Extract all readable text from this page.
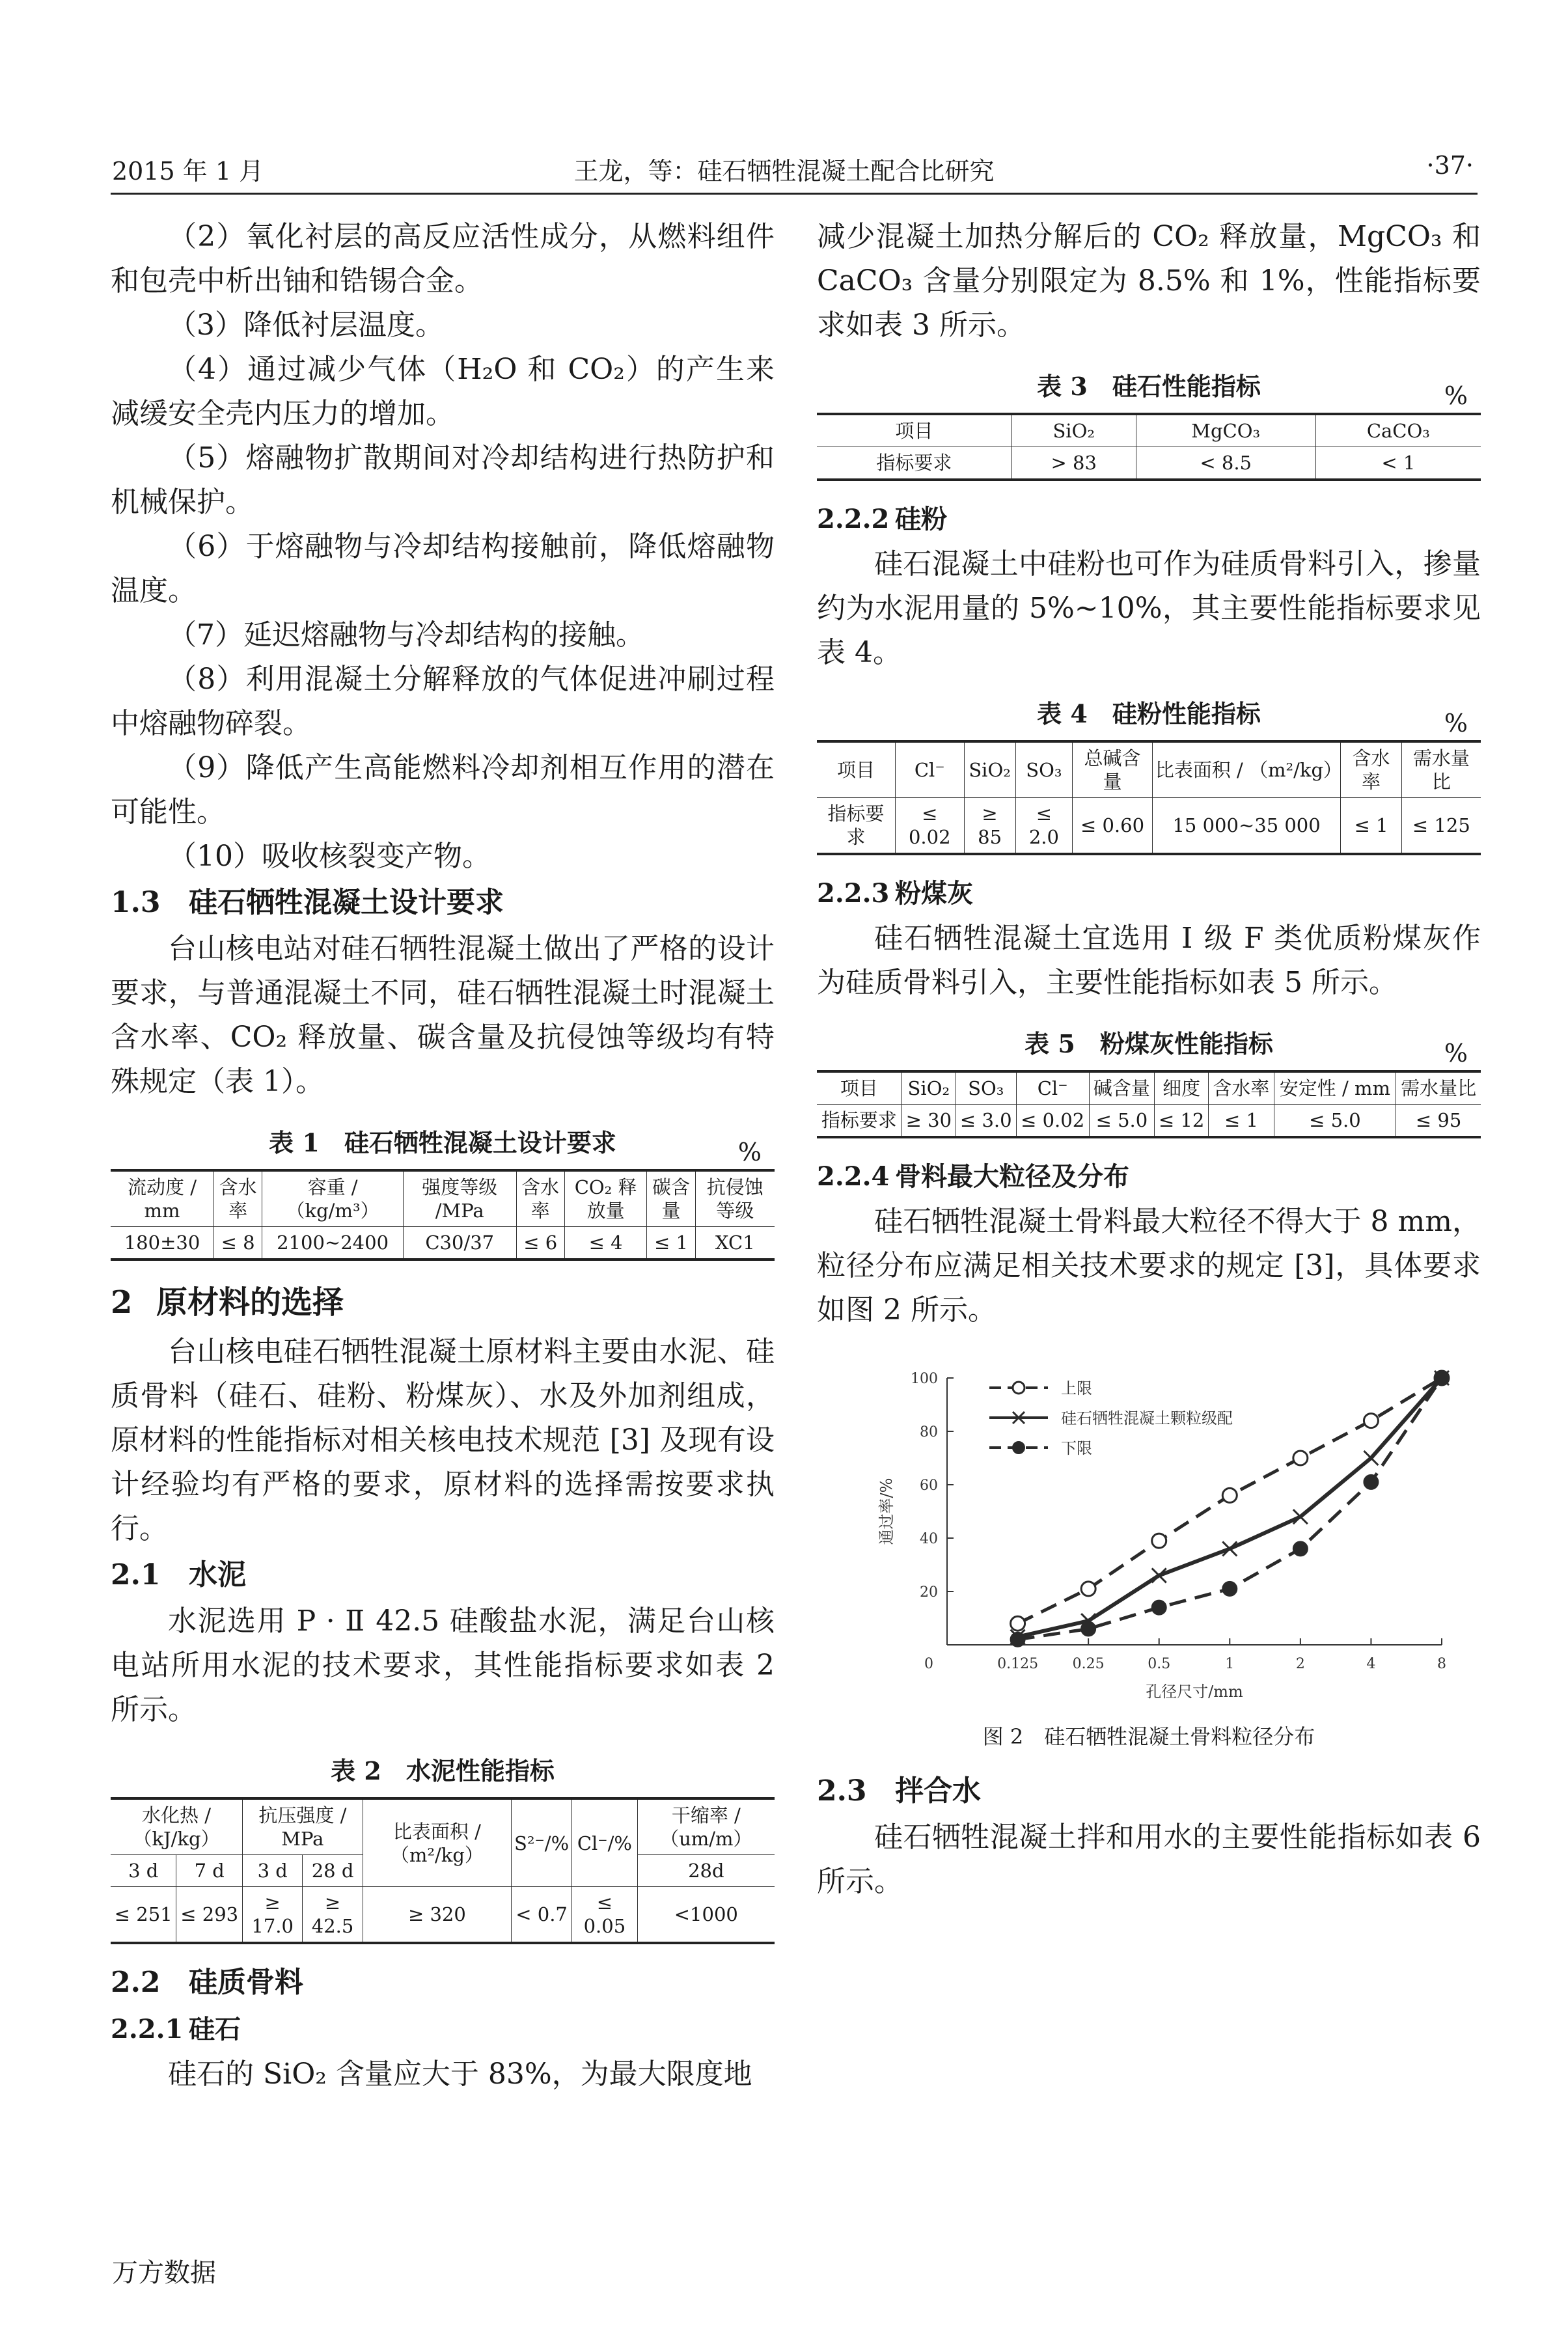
2015 年 1 月	王龙，等：硅石牺牲混凝土配合比研究	·37·

（2）氧化衬层的高反应活性成分，从燃料组件和包壳中析出铀和锆锡合金。

（3）降低衬层温度。

（4）通过减少气体（H₂O 和 CO₂）的产生来减缓安全壳内压力的增加。

（5）熔融物扩散期间对冷却结构进行热防护和机械保护。

（6）于熔融物与冷却结构接触前，降低熔融物温度。

（7）延迟熔融物与冷却结构的接触。

（8）利用混凝土分解释放的气体促进冲刷过程中熔融物碎裂。

（9）降低产生高能燃料冷却剂相互作用的潜在可能性。

（10）吸收核裂变产物。

1.3 硅石牺牲混凝土设计要求

台山核电站对硅石牺牲混凝土做出了严格的设计要求，与普通混凝土不同，硅石牺牲混凝土时混凝土含水率、CO₂ 释放量、碳含量及抗侵蚀等级均有特殊规定（表 1）。

表 1　硅石牺牲混凝土设计要求	%
流动度 / mm	含水率	容重 / （kg/m³）	强度等级 /MPa	含水率	CO₂ 释放量	碳含量	抗侵蚀等级
180±30	≤ 8	2100~2400	C30/37	≤ 6	≤ 4	≤ 1	XC1
2 原材料的选择

台山核电硅石牺牲混凝土原材料主要由水泥、硅质骨料（硅石、硅粉、粉煤灰）、水及外加剂组成，原材料的性能指标对相关核电技术规范 [3] 及现有设计经验均有严格的要求，原材料的选择需按要求执行。

2.1 水泥

水泥选用 P · Ⅱ 42.5 硅酸盐水泥，满足台山核电站所用水泥的技术要求，其性能指标要求如表 2 所示。

表 2　水泥性能指标
水化热 / （kJ/kg）		抗压强度 / MPa		比表面积 / （m²/kg）	S²⁻/%	Cl⁻/%	干缩率 / （um/m）
3 d	7 d	3 d	28 d				28d
≤ 251	≤ 293	≥ 17.0	≥ 42.5	≥ 320	< 0.7	≤ 0.05	<1000
2.2 硅质骨料
2.2.1 硅石

硅石的 SiO₂ 含量应大于 83%，为最大限度地

减少混凝土加热分解后的 CO₂ 释放量，MgCO₃ 和 CaCO₃ 含量分别限定为 8.5% 和 1%，性能指标要求如表 3 所示。

表 3　硅石性能指标	%
项目	SiO₂	MgCO₃	CaCO₃
指标要求	> 83	< 8.5	< 1
2.2.2 硅粉

硅石混凝土中硅粉也可作为硅质骨料引入，掺量约为水泥用量的 5%~10%，其主要性能指标要求见表 4。

表 4　硅粉性能指标	%
项目	Cl⁻	SiO₂	SO₃	总碱含量	比表面积 / （m²/kg）	含水率	需水量比
指标要求	≤ 0.02	≥ 85	≤ 2.0	≤ 0.60	15 000~35 000	≤ 1	≤ 125
2.2.3 粉煤灰

硅石牺牲混凝土宜选用 Ⅰ 级 F 类优质粉煤灰作为硅质骨料引入，主要性能指标如表 5 所示。

表 5　粉煤灰性能指标	%
项目	SiO₂	SO₃	Cl⁻	碱含量	细度	含水率	安定性 / mm	需水量比
指标要求	≥ 30	≤ 3.0	≤ 0.02	≤ 5.0	≤ 12	≤ 1	≤ 5.0	≤ 95
2.2.4 骨料最大粒径及分布

硅石牺牲混凝土骨料最大粒径不得大于 8 mm，粒径分布应满足相关技术要求的规定 [3]，具体要求如图 2 所示。

0
20
40
60
80
100
0.125 0.25	0.5	1	2	4	8
孔径尺寸/mm
通过率/%
上限
硅石牺牲混凝土颗粒级配
下限
图 2　硅石牺牲混凝土骨料粒径分布
2.3 拌合水

硅石牺牲混凝土拌和用水的主要性能指标如表 6 所示。

万方数据
